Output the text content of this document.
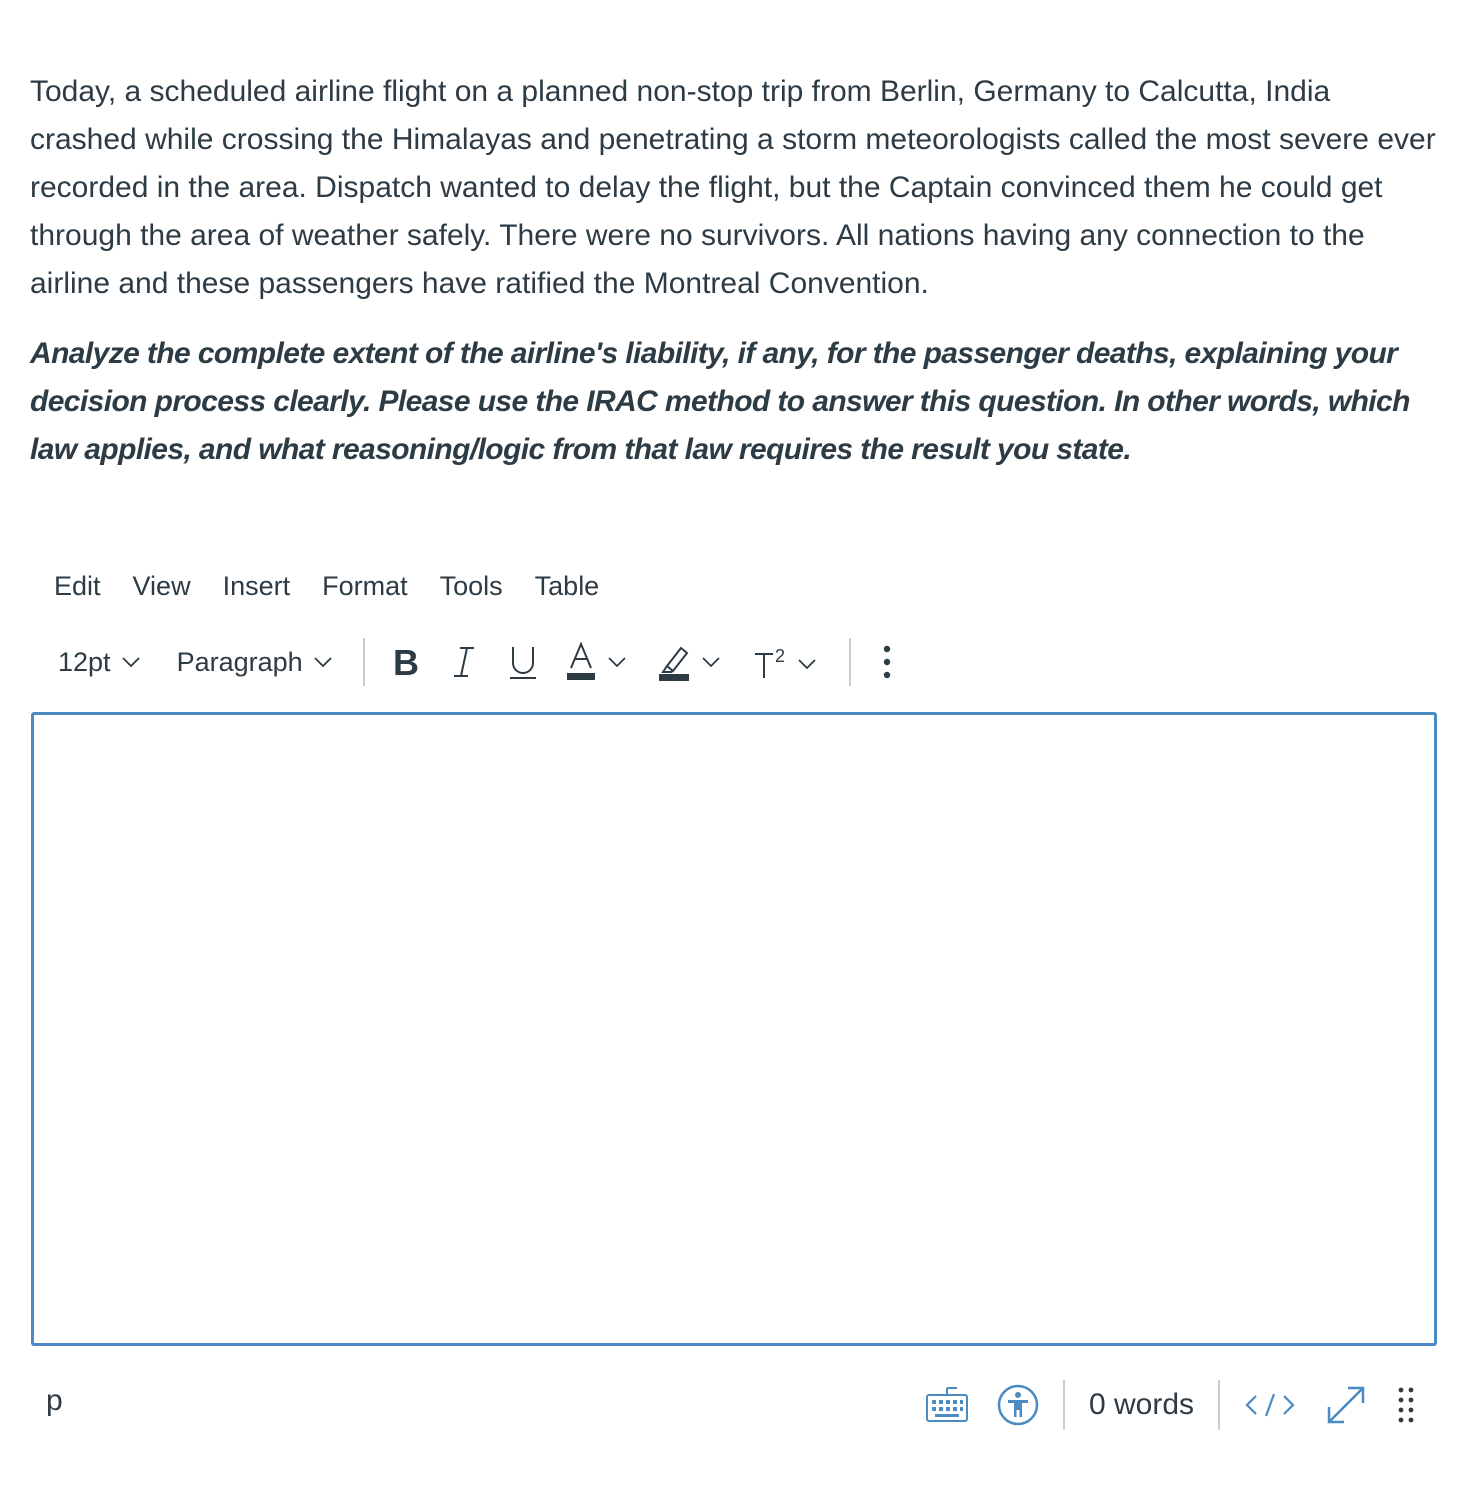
Today, a scheduled airline flight on a planned non-stop trip from Berlin, Germany to Calcutta, India crashed while crossing the Himalayas and penetrating a storm meteorologists called the most severe ever recorded in the area. Dispatch wanted to delay the flight, but the Captain convinced them he could get through the area of weather safely. There were no survivors. All nations having any connection to the airline and these passengers have ratified the Montreal Convention.

Analyze the complete extent of the airline's liability, if any, for the passenger deaths, explaining your decision process clearly. Please use the IRAC method to answer this question. In other words, which law applies, and what reasoning/logic from that law requires the result you state.

Edit	View	Insert	Format	Tools	Table
12pt Paragraph	B	2
p	0 words
